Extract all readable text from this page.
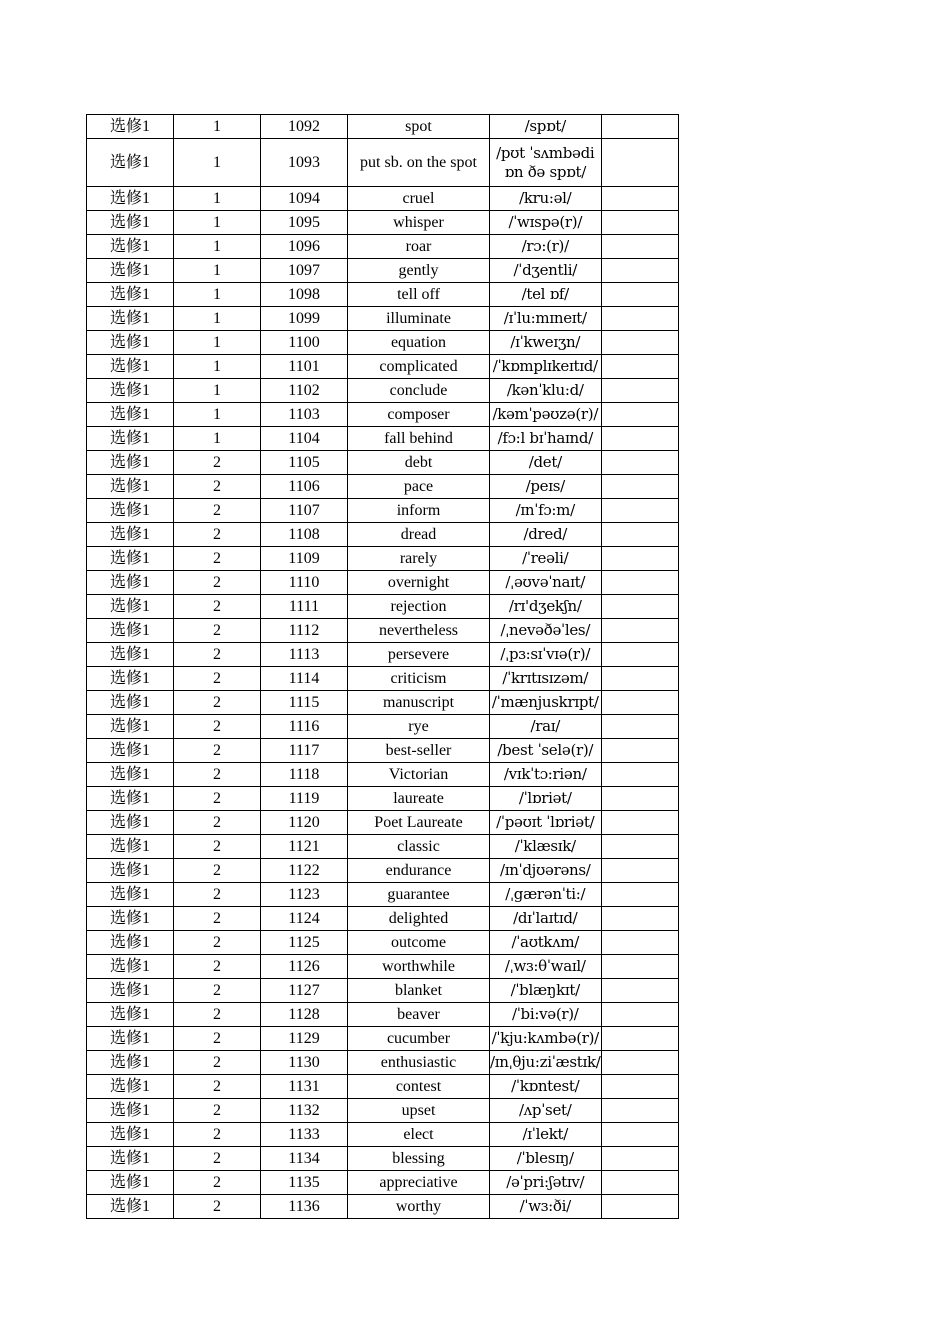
选修1	1	1092	spot	/spɒt/	
选修1	1	1093	put sb. on the spot	/pʊt ˈsʌmbədi ɒn ðə spɒt/	
选修1	1	1094	cruel	/kru:əl/	
选修1	1	1095	whisper	/ˈwɪspə(r)/	
选修1	1	1096	roar	/rɔ:(r)/	
选修1	1	1097	gently	/ˈdʒentli/	
选修1	1	1098	tell off	/tel ɒf/	
选修1	1	1099	illuminate	/ɪˈlu:mɪneɪt/	
选修1	1	1100	equation	/ɪˈkweɪʒn/	
选修1	1	1101	complicated	/ˈkɒmplɪkeɪtɪd/	
选修1	1	1102	conclude	/kənˈklu:d/	
选修1	1	1103	composer	/kəmˈpəʊzə(r)/	
选修1	1	1104	fall behind	/fɔ:l bɪˈhaɪnd/	
选修1	2	1105	debt	/det/	
选修1	2	1106	pace	/peɪs/	
选修1	2	1107	inform	/ɪnˈfɔ:m/	
选修1	2	1108	dread	/dred/	
选修1	2	1109	rarely	/ˈreəli/	
选修1	2	1110	overnight	/ˌəʊvəˈnaɪt/	
选修1	2	1111	rejection	/rɪ'dʒekʃn/	
选修1	2	1112	nevertheless	/ˌnevəðəˈles/	
选修1	2	1113	persevere	/ˌpɜ:sɪˈvɪə(r)/	
选修1	2	1114	criticism	/ˈkrɪtɪsɪzəm/	
选修1	2	1115	manuscript	/ˈmænjuskrɪpt/	
选修1	2	1116	rye	/raɪ/	
选修1	2	1117	best-seller	/best ˈselə(r)/	
选修1	2	1118	Victorian	/vɪkˈtɔ:riən/	
选修1	2	1119	laureate	/ˈlɒriət/	
选修1	2	1120	Poet Laureate	/ˈpəʊɪt ˈlɒriət/	
选修1	2	1121	classic	/ˈklæsɪk/	
选修1	2	1122	endurance	/ɪnˈdjʊərəns/	
选修1	2	1123	guarantee	/ˌgærənˈti:/	
选修1	2	1124	delighted	/dɪˈlaɪtɪd/	
选修1	2	1125	outcome	/ˈaʊtkʌm/	
选修1	2	1126	worthwhile	/ˌwɜ:θˈwaɪl/	
选修1	2	1127	blanket	/ˈblæŋkɪt/	
选修1	2	1128	beaver	/ˈbi:və(r)/	
选修1	2	1129	cucumber	/ˈkju:kʌmbə(r)/	
选修1	2	1130	enthusiastic	/ɪnˌθju:ziˈæstɪk/	
选修1	2	1131	contest	/ˈkɒntest/	
选修1	2	1132	upset	/ʌpˈset/	
选修1	2	1133	elect	/ɪˈlekt/	
选修1	2	1134	blessing	/ˈblesɪŋ/	
选修1	2	1135	appreciative	/əˈpri:ʃətɪv/	
选修1	2	1136	worthy	/ˈwɜ:ði/	
